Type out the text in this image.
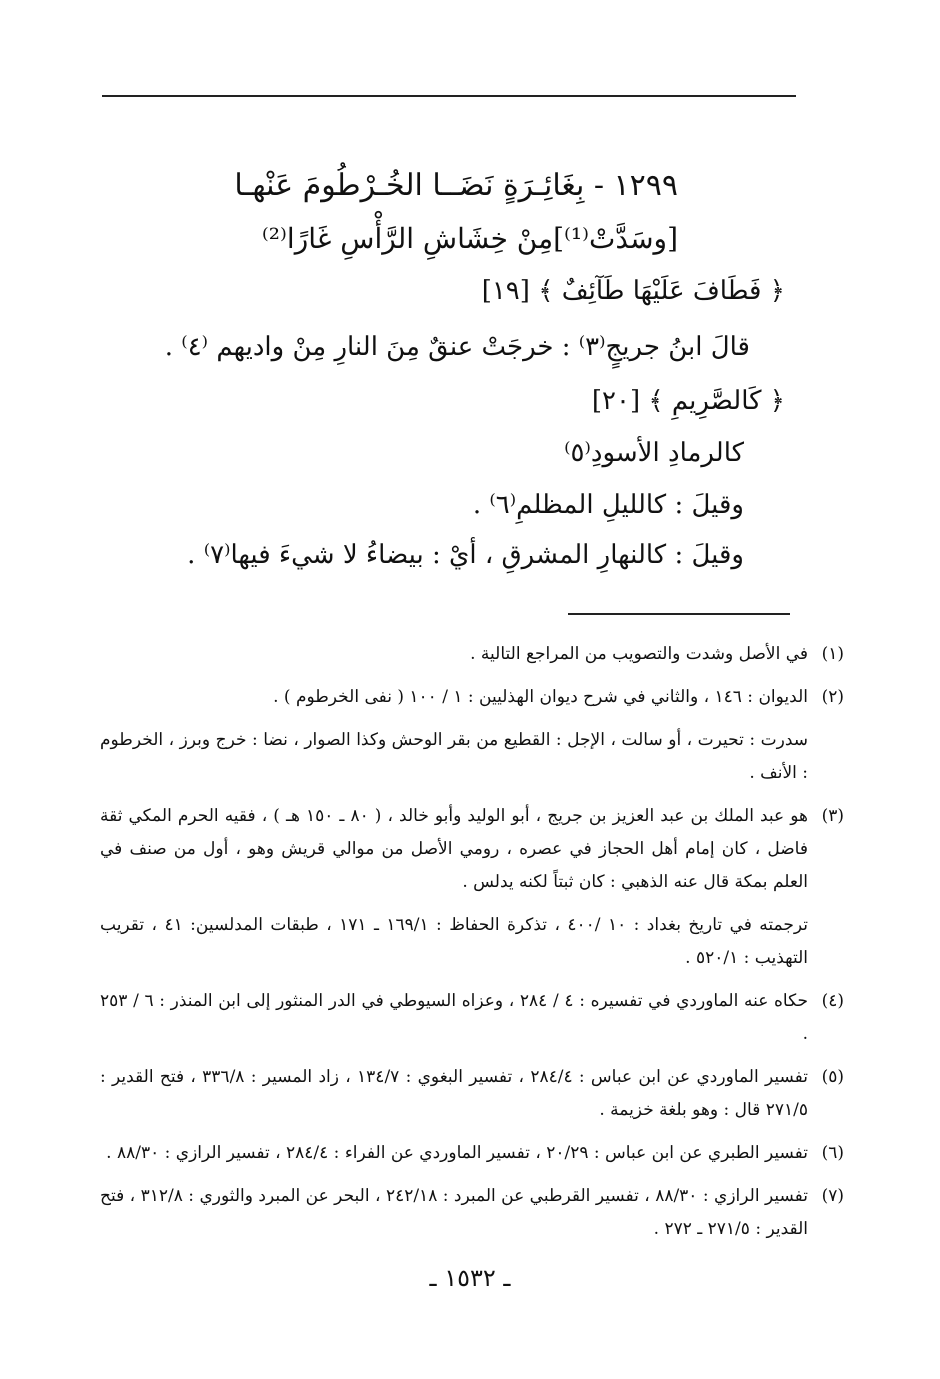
١٢٩٩ - بِغَائِـرَةٍ نَضَــا الخُـرْطُومَ عَنْهـا
[وسَدَّتْ⁽¹⁾]مِنْ خِشَاشِ الرَّأْسِ غَارًا⁽²⁾
﴿ فَطَافَ عَلَيْهَا طَآئِفٌ ﴾ [١٩]
قالَ ابنُ جريجٍ⁽٣⁾ : خرجَتْ عنقٌ مِنَ النارِ مِنْ واديهم ⁽٤⁾ .
﴿ كَالصَّرِيمِ ﴾ [٢٠]
كالرمادِ الأسودِ⁽٥⁾
وقيلَ : كالليلِ المظلمِ⁽٦⁾ .
وقيلَ : كالنهارِ المشرقِ ، أيْ : بيضاءُ لا شيءَ فيها⁽٧⁾ .
(١)
في الأصل وشدت والتصويب من المراجع التالية .
(٢)
الديوان : ١٤٦ ، والثاني في شرح ديوان الهذليين : ١ / ١٠٠ ( نفى الخرطوم ) .
سدرت : تحيرت ، أو سالت ، الإجل : القطيع من بقر الوحش وكذا الصوار ، نضا : خرج وبرز ، الخرطوم : الأنف .
(٣)
هو عبد الملك بن عبد العزيز بن جريج ، أبو الوليد وأبو خالد ، ( ٨٠ ـ ١٥٠ هـ ) ، فقيه الحرم المكي ثقة فاضل ، كان إمام أهل الحجاز في عصره ، رومي الأصل من موالي قريش وهو ، أول من صنف في العلم بمكة قال عنه الذهبي : كان ثبتاً لكنه يدلس .
ترجمته في تاريخ بغداد : ١٠ /٤٠٠ ، تذكرة الحفاظ : ١٦٩/١ ـ ١٧١ ، طبقات المدلسين: ٤١ ، تقريب التهذيب : ٥٢٠/١ .
(٤)
حكاه عنه الماوردي في تفسيره : ٤ / ٢٨٤ ، وعزاه السيوطي في الدر المنثور إلى ابن المنذر : ٦ / ٢٥٣ .
(٥)
تفسير الماوردي عن ابن عباس : ٢٨٤/٤ ، تفسير البغوي : ١٣٤/٧ ، زاد المسير : ٣٣٦/٨ ، فتح القدير : ٢٧١/٥ قال : وهو بلغة خزيمة .
(٦)
تفسير الطبري عن ابن عباس : ٢٠/٢٩ ، تفسير الماوردي عن الفراء : ٢٨٤/٤ ، تفسير الرازي : ٨٨/٣٠ .
(٧)
تفسير الرازي : ٨٨/٣٠ ، تفسير القرطبي عن المبرد : ٢٤٢/١٨ ، البحر عن المبرد والثوري : ٣١٢/٨ ، فتح القدير : ٢٧١/٥ ـ ٢٧٢ .
ـ ١٥٣٢ ـ
